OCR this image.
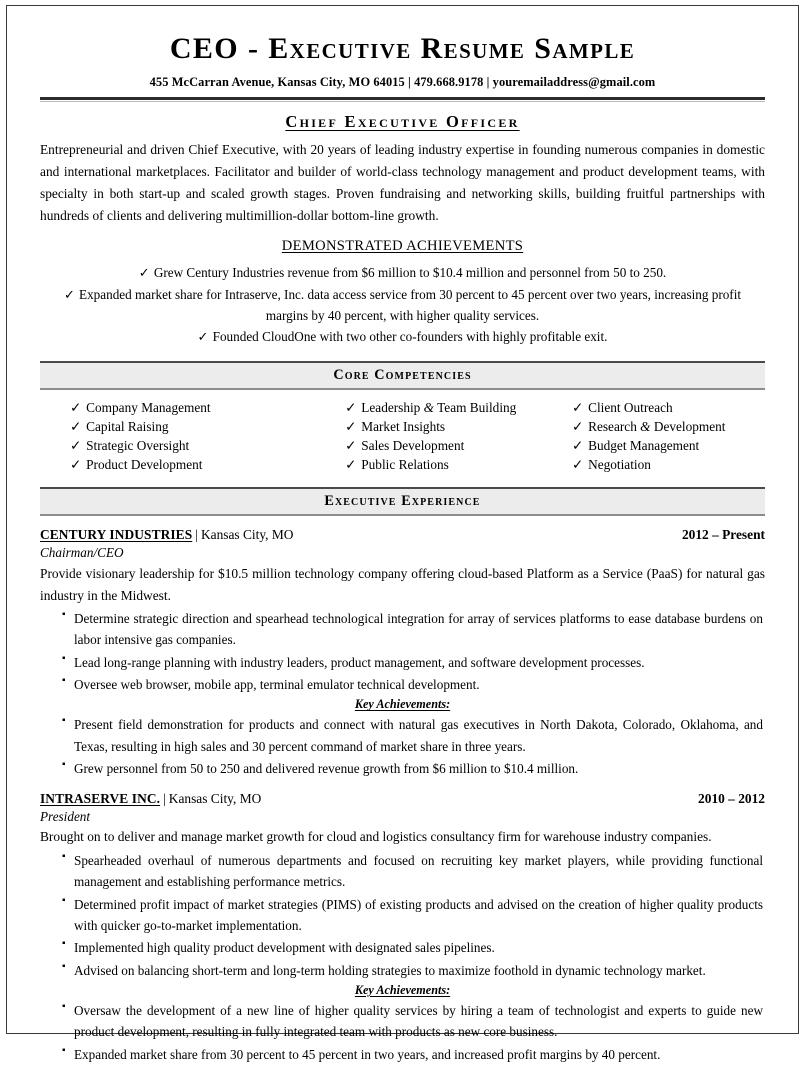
CEO - Executive Resume Sample
455 McCarran Avenue, Kansas City, MO 64015 | 479.668.9178 | youremailaddress@gmail.com
Chief Executive Officer
Entrepreneurial and driven Chief Executive, with 20 years of leading industry expertise in founding numerous companies in domestic and international marketplaces. Facilitator and builder of world-class technology management and product development teams, with specialty in both start-up and scaled growth stages. Proven fundraising and networking skills, building fruitful partnerships with hundreds of clients and delivering multimillion-dollar bottom-line growth.
DEMONSTRATED ACHIEVEMENTS
✓ Grew Century Industries revenue from $6 million to $10.4 million and personnel from 50 to 250.
✓ Expanded market share for Intraserve, Inc. data access service from 30 percent to 45 percent over two years, increasing profit margins by 40 percent, with higher quality services.
✓ Founded CloudOne with two other co-founders with highly profitable exit.
Core Competencies
✓ Company Management
✓ Capital Raising
✓ Strategic Oversight
✓ Product Development
✓ Leadership & Team Building
✓ Market Insights
✓ Sales Development
✓ Public Relations
✓ Client Outreach
✓ Research & Development
✓ Budget Management
✓ Negotiation
Executive Experience
CENTURY INDUSTRIES | Kansas City, MO	2012 – Present
Chairman/CEO
Provide visionary leadership for $10.5 million technology company offering cloud-based Platform as a Service (PaaS) for natural gas industry in the Midwest.
▪ Determine strategic direction and spearhead technological integration for array of services platforms to ease database burdens on labor intensive gas companies.
▪ Lead long-range planning with industry leaders, product management, and software development processes.
▪ Oversee web browser, mobile app, terminal emulator technical development.
Key Achievements:
▪ Present field demonstration for products and connect with natural gas executives in North Dakota, Colorado, Oklahoma, and Texas, resulting in high sales and 30 percent command of market share in three years.
▪ Grew personnel from 50 to 250 and delivered revenue growth from $6 million to $10.4 million.
INTRASERVE INC. | Kansas City, MO	2010 – 2012
President
Brought on to deliver and manage market growth for cloud and logistics consultancy firm for warehouse industry companies.
▪ Spearheaded overhaul of numerous departments and focused on recruiting key market players, while providing functional management and establishing performance metrics.
▪ Determined profit impact of market strategies (PIMS) of existing products and advised on the creation of higher quality products with quicker go-to-market implementation.
▪ Implemented high quality product development with designated sales pipelines.
▪ Advised on balancing short-term and long-term holding strategies to maximize foothold in dynamic technology market.
Key Achievements:
▪ Oversaw the development of a new line of higher quality services by hiring a team of technologist and experts to guide new product development, resulting in fully integrated team with products as new core business.
▪ Expanded market share from 30 percent to 45 percent in two years, and increased profit margins by 40 percent.
